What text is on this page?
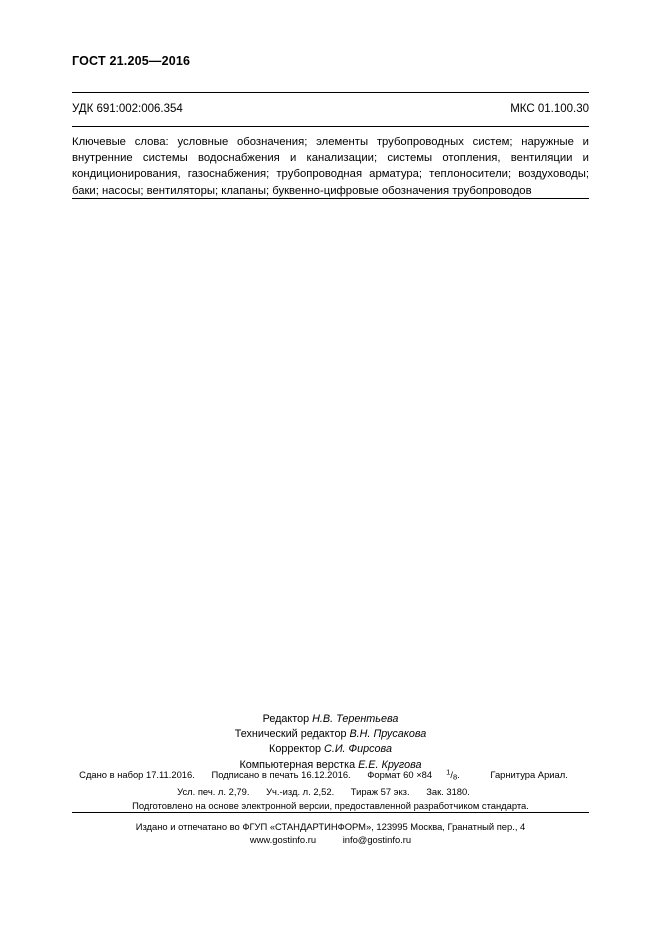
ГОСТ 21.205—2016
УДК 691:002:006.354	МКС 01.100.30
Ключевые слова: условные обозначения; элементы трубопроводных систем; наружные и внутренние системы водоснабжения и канализации; системы отопления, вентиляции и кондиционирования, газоснабжения; трубопроводная арматура; теплоносители; воздуховоды; баки; насосы; вентиляторы; клапаны; буквенно-цифровые обозначения трубопроводов
Редактор Н.В. Терентьева
Технический редактор В.Н. Прусакова
Корректор С.И. Фирсова
Компьютерная верстка Е.Е. Кругова
Сдано в набор 17.11.2016. Подписано в печать 16.12.2016. Формат 60 ×84 $^1/_8$.	Гарнитура Ариал.
Усл. печ. л. 2,79. Уч.-изд. л. 2,52. Тираж 57 экз. Зак. 3180.
Подготовлено на основе электронной версии, предоставленной разработчиком стандарта.
Издано и отпечатано во ФГУП «СТАНДАРТИНФОРМ», 123995 Москва, Гранатный пер., 4
www.gostinfo.ru	info@gostinfo.ru
